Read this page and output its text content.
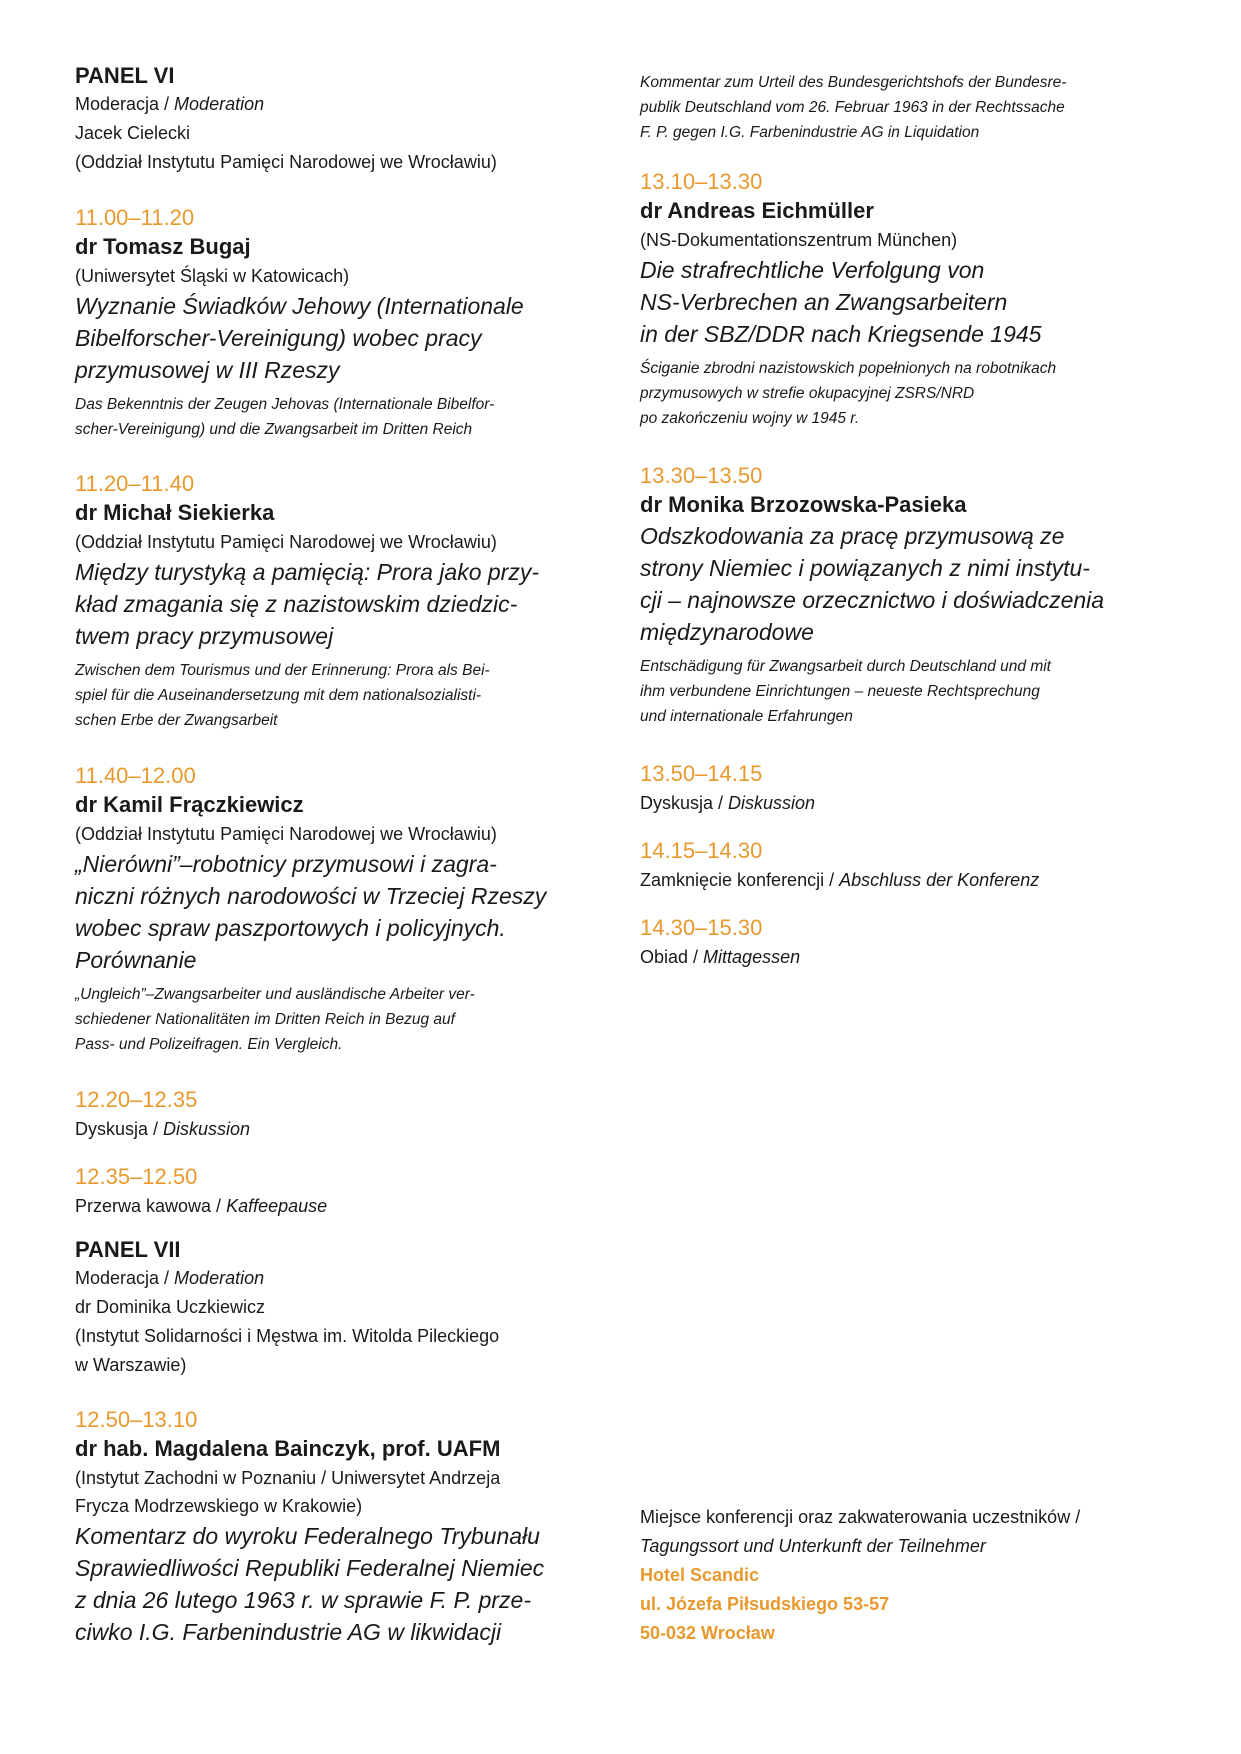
PANEL VI
Moderacja / Moderation
Jacek Cielecki
(Oddział Instytutu Pamięci Narodowej we Wrocławiu)
11.00–11.20
dr Tomasz Bugaj
(Uniwersytet Śląski w Katowicach)
Wyznanie Świadków Jehowy (Internationale
Bibelforscher-Vereinigung) wobec pracy
przymusowej w III Rzeszy
Das Bekenntnis der Zeugen Jehovas (Internationale Bibelfor-
scher-Vereinigung) und die Zwangsarbeit im Dritten Reich
11.20–11.40
dr Michał Siekierka
(Oddział Instytutu Pamięci Narodowej we Wrocławiu)
Między turystyką a pamięcią: Prora jako przy-
kład zmagania się z nazistowskim dziedzic-
twem pracy przymusowej
Zwischen dem Tourismus und der Erinnerung: Prora als Bei-
spiel für die Auseinandersetzung mit dem nationalsozialisti-
schen Erbe der Zwangsarbeit
11.40–12.00
dr Kamil Frączkiewicz
(Oddział Instytutu Pamięci Narodowej we Wrocławiu)
„Nierówni”–robotnicy przymusowi i zagra-
niczni różnych narodowości w Trzeciej Rzeszy
wobec spraw paszportowych i policyjnych.
Porównanie
„Ungleich”–Zwangsarbeiter und ausländische Arbeiter ver-
schiedener Nationalitäten im Dritten Reich in Bezug auf
Pass- und Polizeifragen. Ein Vergleich.
12.20–12.35
Dyskusja / Diskussion
12.35–12.50
Przerwa kawowa / Kaffeepause
PANEL VII
Moderacja / Moderation
dr Dominika Uczkiewicz
(Instytut Solidarności i Męstwa im. Witolda Pileckiego
w Warszawie)
12.50–13.10
dr hab. Magdalena Bainczyk, prof. UAFM
(Instytut Zachodni w Poznaniu / Uniwersytet Andrzeja
Frycza Modrzewskiego w Krakowie)
Komentarz do wyroku Federalnego Trybunału
Sprawiedliwości Republiki Federalnej Niemiec
z dnia 26 lutego 1963 r. w sprawie F. P. prze-
ciwko I.G. Farbenindustrie AG w likwidacji
Kommentar zum Urteil des Bundesgerichtshofs der Bundesre-
publik Deutschland vom 26. Februar 1963 in der Rechtssache
F. P. gegen I.G. Farbenindustrie AG in Liquidation
13.10–13.30
dr Andreas Eichmüller
(NS-Dokumentationszentrum München)
Die strafrechtliche Verfolgung von
NS-Verbrechen an Zwangsarbeitern
in der SBZ/DDR nach Kriegsende 1945
Ściganie zbrodni nazistowskich popełnionych na robotnikach
przymusowych w strefie okupacyjnej ZSRS/NRD
po zakończeniu wojny w 1945 r.
13.30–13.50
dr Monika Brzozowska-Pasieka
Odszkodowania za pracę przymusową ze
strony Niemiec i powiązanych z nimi instytu-
cji – najnowsze orzecznictwo i doświadczenia
międzynarodowe
Entschädigung für Zwangsarbeit durch Deutschland und mit
ihm verbundene Einrichtungen – neueste Rechtsprechung
und internationale Erfahrungen
13.50–14.15
Dyskusja / Diskussion
14.15–14.30
Zamknięcie konferencji / Abschluss der Konferenz
14.30–15.30
Obiad / Mittagessen
Miejsce konferencji oraz zakwaterowania uczestników /
Tagungssort und Unterkunft der Teilnehmer
Hotel Scandic
ul. Józefa Piłsudskiego 53-57
50-032 Wrocław
